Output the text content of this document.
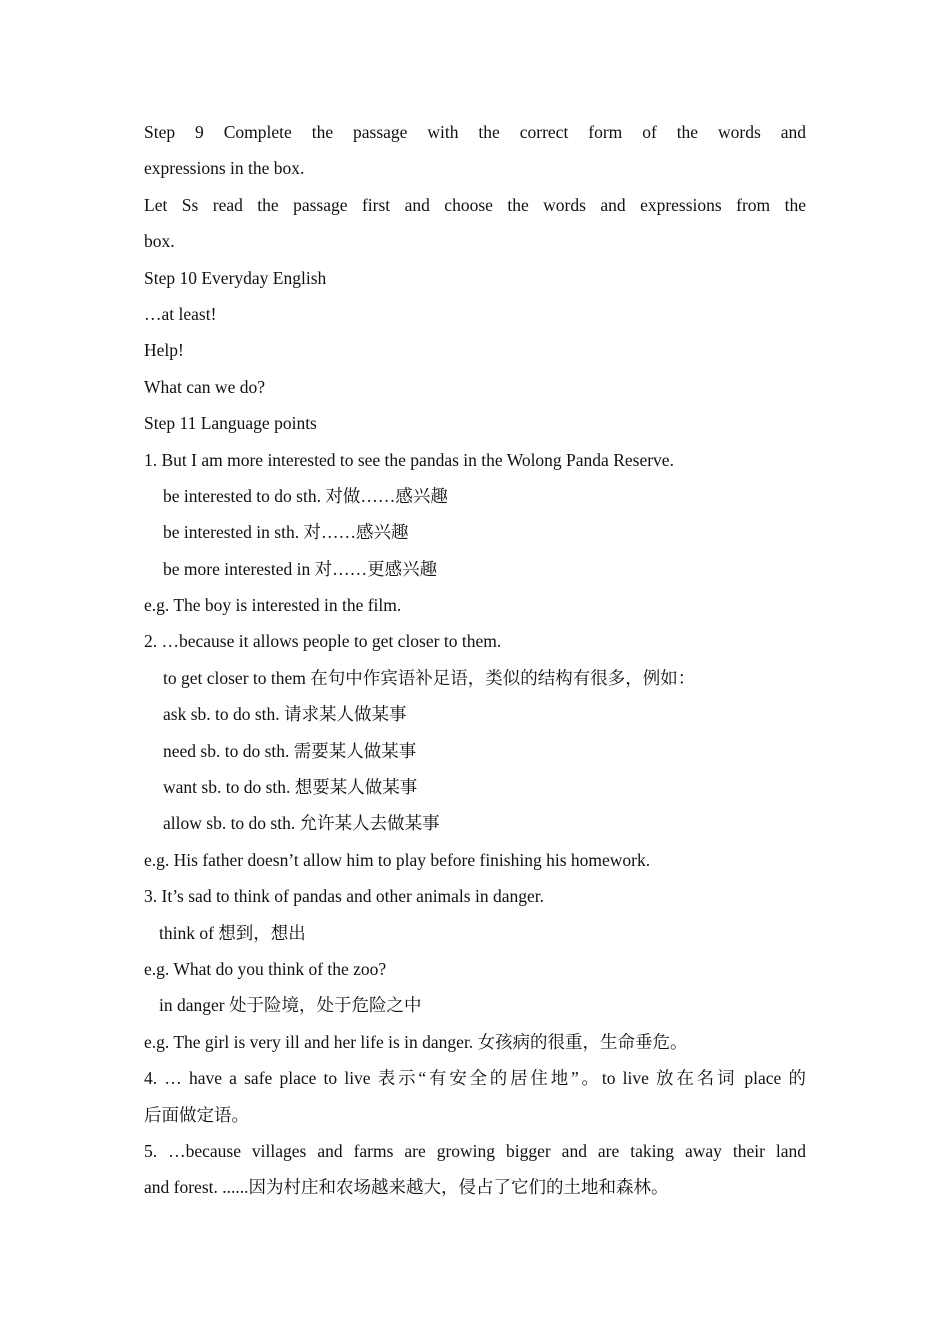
Step 9 Complete the passage with the correct form of the words and
expressions in the box.
Let Ss read the passage first and choose the words and expressions from the
box.
Step 10 Everyday English
…at least!
Help!
What can we do?
Step 11 Language points
1. But I am more interested to see the pandas in the Wolong Panda Reserve.
be interested to do sth. 对做……感兴趣
be interested in sth. 对……感兴趣
be more interested in 对……更感兴趣
e.g. The boy is interested in the film.
2. …because it allows people to get closer to them.
to get closer to them 在句中作宾语补足语，类似的结构有很多，例如：
ask sb. to do sth. 请求某人做某事
need sb. to do sth. 需要某人做某事
want sb. to do sth. 想要某人做某事
allow sb. to do sth. 允许某人去做某事
e.g. His father doesn’t allow him to play before finishing his homework.
3. It’s sad to think of pandas and other animals in danger.
think of 想到，想出
e.g. What do you think of the zoo?
in danger 处于险境，处于危险之中
e.g. The girl is very ill and her life is in danger. 女孩病的很重，生命垂危。
4. … have a safe place to live 表示“有安全的居住地”。to live 放在名词 place 的
后面做定语。
5. …because villages and farms are growing bigger and are taking away their land
and forest. ......因为村庄和农场越来越大，侵占了它们的土地和森林。
